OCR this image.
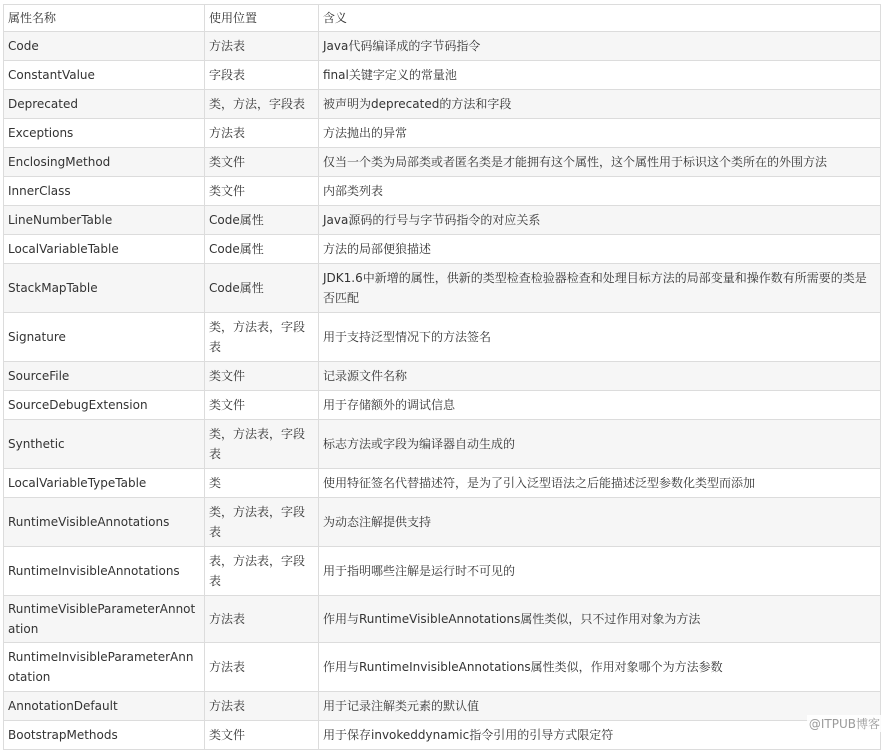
属性名称	使用位置	含义
Code	方法表	Java代码编译成的字节码指令
ConstantValue	字段表	final关键字定义的常量池
Deprecated	类，方法，字段表	被声明为deprecated的方法和字段
Exceptions	方法表	方法抛出的异常
EnclosingMethod	类文件	仅当一个类为局部类或者匿名类是才能拥有这个属性，这个属性用于标识这个类所在的外围方法
InnerClass	类文件	内部类列表
LineNumberTable	Code属性	Java源码的行号与字节码指令的对应关系
LocalVariableTable	Code属性	方法的局部便狼描述
StackMapTable	Code属性	JDK1.6中新增的属性，供新的类型检查检验器检查和处理目标方法的局部变量和操作数有所需要的类是否匹配
Signature	类，方法表，字段表	用于支持泛型情况下的方法签名
SourceFile	类文件	记录源文件名称
SourceDebugExtension	类文件	用于存储额外的调试信息
Synthetic	类，方法表，字段表	标志方法或字段为编译器自动生成的
LocalVariableTypeTable	类	使用特征签名代替描述符，是为了引入泛型语法之后能描述泛型参数化类型而添加
RuntimeVisibleAnnotations	类，方法表，字段表	为动态注解提供支持
RuntimeInvisibleAnnotations	表，方法表，字段表	用于指明哪些注解是运行时不可见的
RuntimeVisibleParameterAnnotation	方法表	作用与RuntimeVisibleAnnotations属性类似，只不过作用对象为方法
RuntimeInvisibleParameterAnnotation	方法表	作用与RuntimeInvisibleAnnotations属性类似，作用对象哪个为方法参数
AnnotationDefault	方法表	用于记录注解类元素的默认值
BootstrapMethods	类文件	用于保存invokeddynamic指令引用的引导方式限定符
@ITPUB博客
